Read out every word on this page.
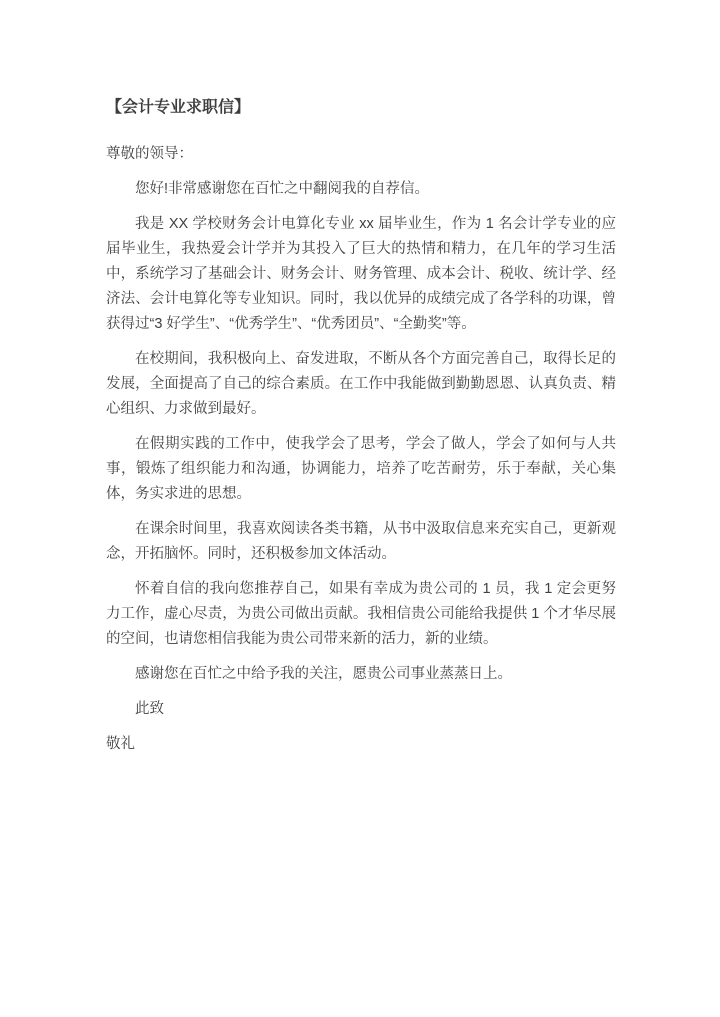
【会计专业求职信】

尊敬的领导：

您好!非常感谢您在百忙之中翻阅我的自荐信。

我是 XX 学校财务会计电算化专业 xx 届毕业生，作为 1 名会计学专业的应届毕业生，我热爱会计学并为其投入了巨大的热情和精力，在几年的学习生活中，系统学习了基础会计、财务会计、财务管理、成本会计、税收、统计学、经济法、会计电算化等专业知识。同时，我以优异的成绩完成了各学科的功课，曾获得过“3 好学生”、“优秀学生”、“优秀团员”、“全勤奖”等。

在校期间，我积极向上、奋发进取，不断从各个方面完善自己，取得长足的发展，全面提高了自己的综合素质。在工作中我能做到勤勤恩恩、认真负责、精心组织、力求做到最好。

在假期实践的工作中，使我学会了思考，学会了做人，学会了如何与人共事，锻炼了组织能力和沟通，协调能力，培养了吃苦耐劳，乐于奉献，关心集体，务实求进的思想。

在课余时间里，我喜欢阅读各类书籍，从书中汲取信息来充实自己，更新观念，开拓脑怀。同时，还积极参加文体活动。

怀着自信的我向您推荐自己，如果有幸成为贵公司的 1 员，我 1 定会更努力工作，虚心尽责，为贵公司做出贡献。我相信贵公司能给我提供 1 个才华尽展的空间，也请您相信我能为贵公司带来新的活力，新的业绩。

感谢您在百忙之中给予我的关注，愿贵公司事业蒸蒸日上。

此致

敬礼
